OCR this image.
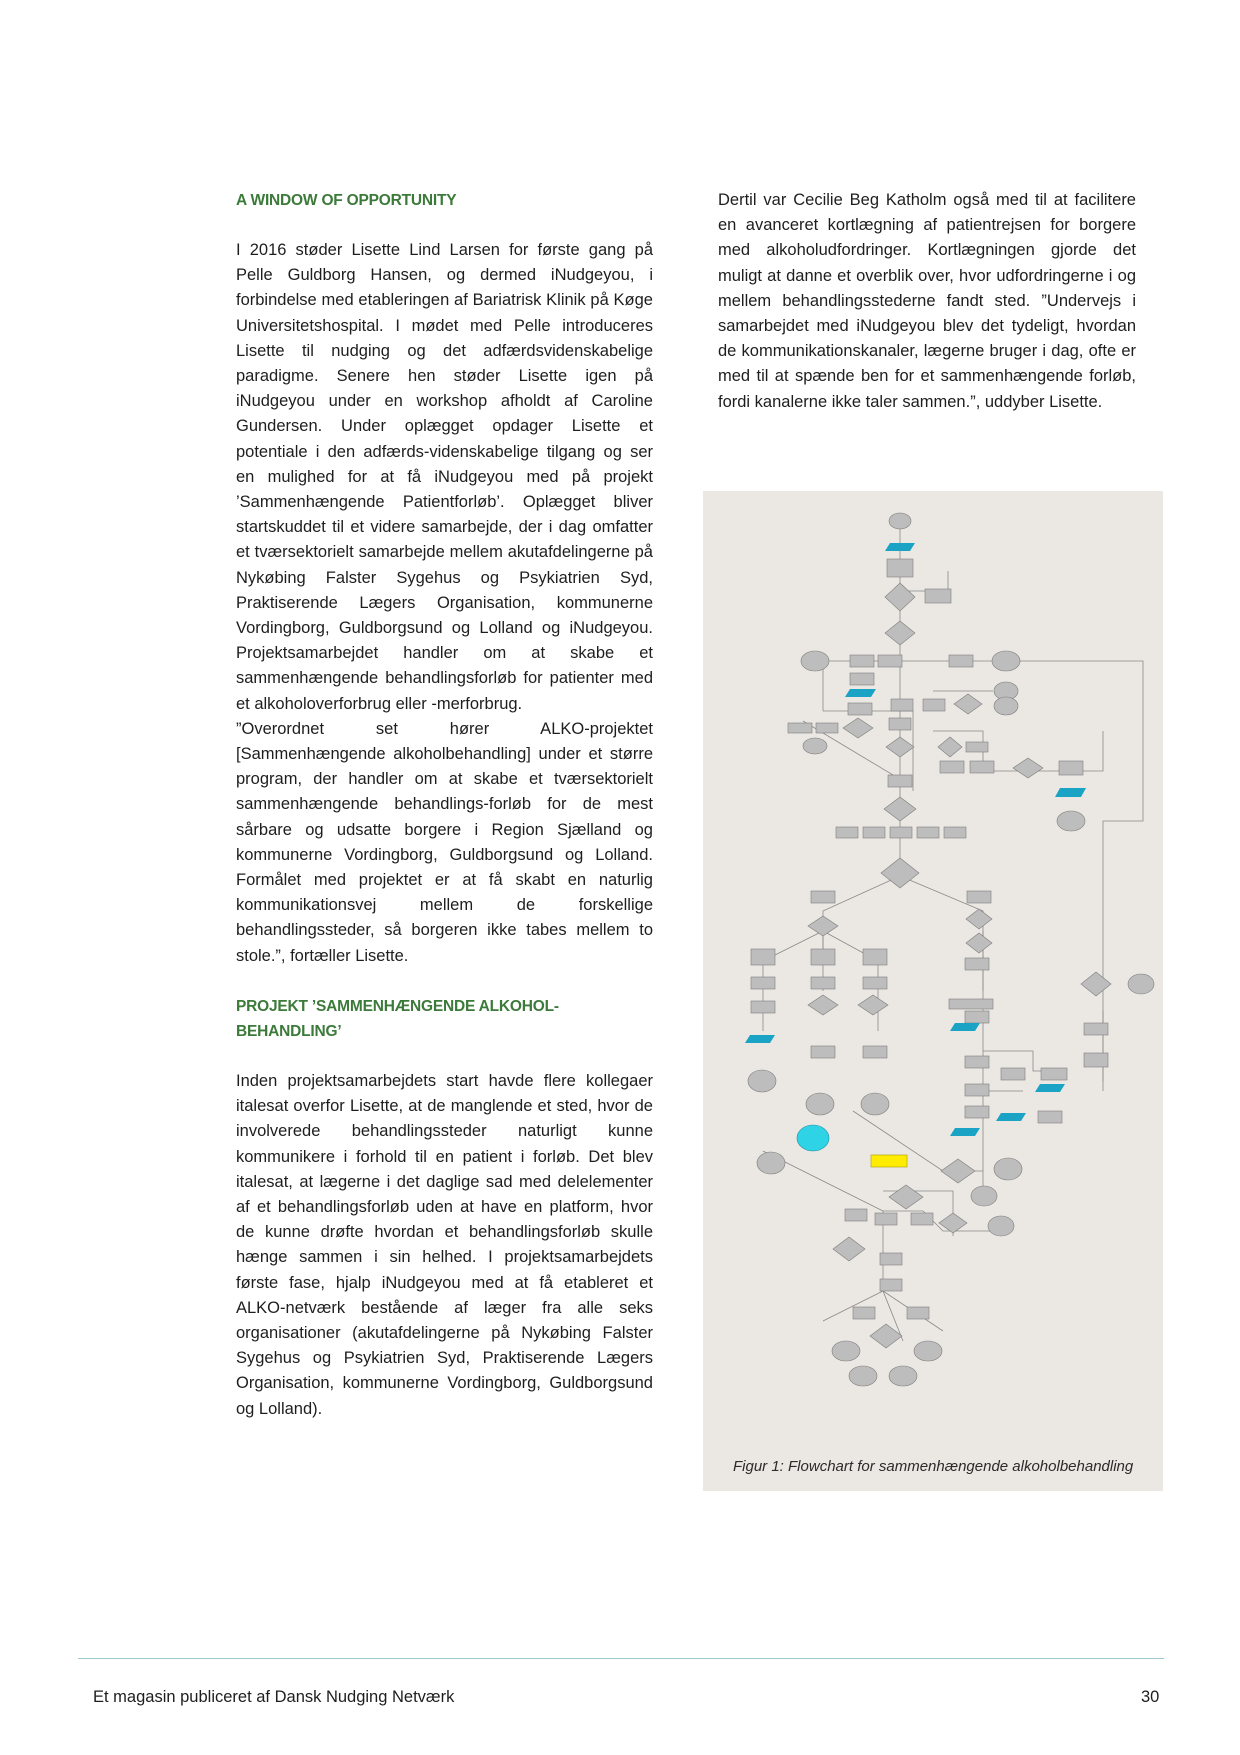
A WINDOW OF OPPORTUNITY

I 2016 støder Lisette Lind Larsen for første gang på Pelle Guldborg Hansen, og dermed iNudgeyou, i forbindelse med etableringen af Bariatrisk Klinik på Køge Universitetshospital. I mødet med Pelle introduceres Lisette til nudging og det adfærdsvidenskabelige paradigme. Senere hen støder Lisette igen på iNudgeyou under en workshop afholdt af Caroline Gundersen. Under oplægget opdager Lisette et potentiale i den adfærds-videnskabelige tilgang og ser en mulighed for at få iNudgeyou med på projekt ’Sammenhængende Patientforløb’. Oplægget bliver startskuddet til et videre samarbejde, der i dag omfatter et tværsektorielt samarbejde mellem akutafdelingerne på Nykøbing Falster Sygehus og Psykiatrien Syd, Praktiserende Lægers Organisation, kommunerne Vordingborg, Guldborgsund og Lolland og iNudgeyou. Projektsamarbejdet handler om at skabe et sammenhængende behandlingsforløb for patienter med et alkoholoverforbrug eller -merforbrug.

”Overordnet set hører ALKO-projektet [Sammenhængende alkoholbehandling] under et større program, der handler om at skabe et tværsektorielt sammenhængende behandlings-forløb for de mest sårbare og udsatte borgere i Region Sjælland og kommunerne Vordingborg, Guldborgsund og Lolland. Formålet med projektet er at få skabt en naturlig kommunikationsvej mellem de forskellige behandlingssteder, så borgeren ikke tabes mellem to stole.”, fortæller Lisette.

PROJEKT ’SAMMENHÆNGENDE ALKOHOL-
BEHANDLING’

Inden projektsamarbejdets start havde flere kollegaer italesat overfor Lisette, at de manglende et sted, hvor de involverede behandlingssteder naturligt kunne kommunikere i forhold til en patient i forløb. Det blev italesat, at lægerne i det daglige sad med delelementer af et behandlingsforløb uden at have en platform, hvor de kunne drøfte hvordan et behandlingsforløb skulle hænge sammen i sin helhed. I projektsamarbejdets første fase, hjalp iNudgeyou med at få etableret et ALKO-netværk bestående af læger fra alle seks organisationer (akutafdelingerne på Nykøbing Falster Sygehus og Psykiatrien Syd, Praktiserende Lægers Organisation, kommunerne Vordingborg, Guldborgsund og Lolland).

Dertil var Cecilie Beg Katholm også med til at facilitere en avanceret kortlægning af patientrejsen for borgere med alkoholudfordringer. Kortlægningen gjorde det muligt at danne et overblik over, hvor udfordringerne i og mellem behandlingsstederne fandt sted. ”Undervejs i samarbejdet med iNudgeyou blev det tydeligt, hvordan de kommunikationskanaler, lægerne bruger i dag, ofte er med til at spænde ben for et sammenhængende forløb, fordi kanalerne ikke taler sammen.”, uddyber Lisette.

Figur 1: Flowchart for sammenhængende alkoholbehandling
Et magasin publiceret af Dansk Nudging Netværk	30
